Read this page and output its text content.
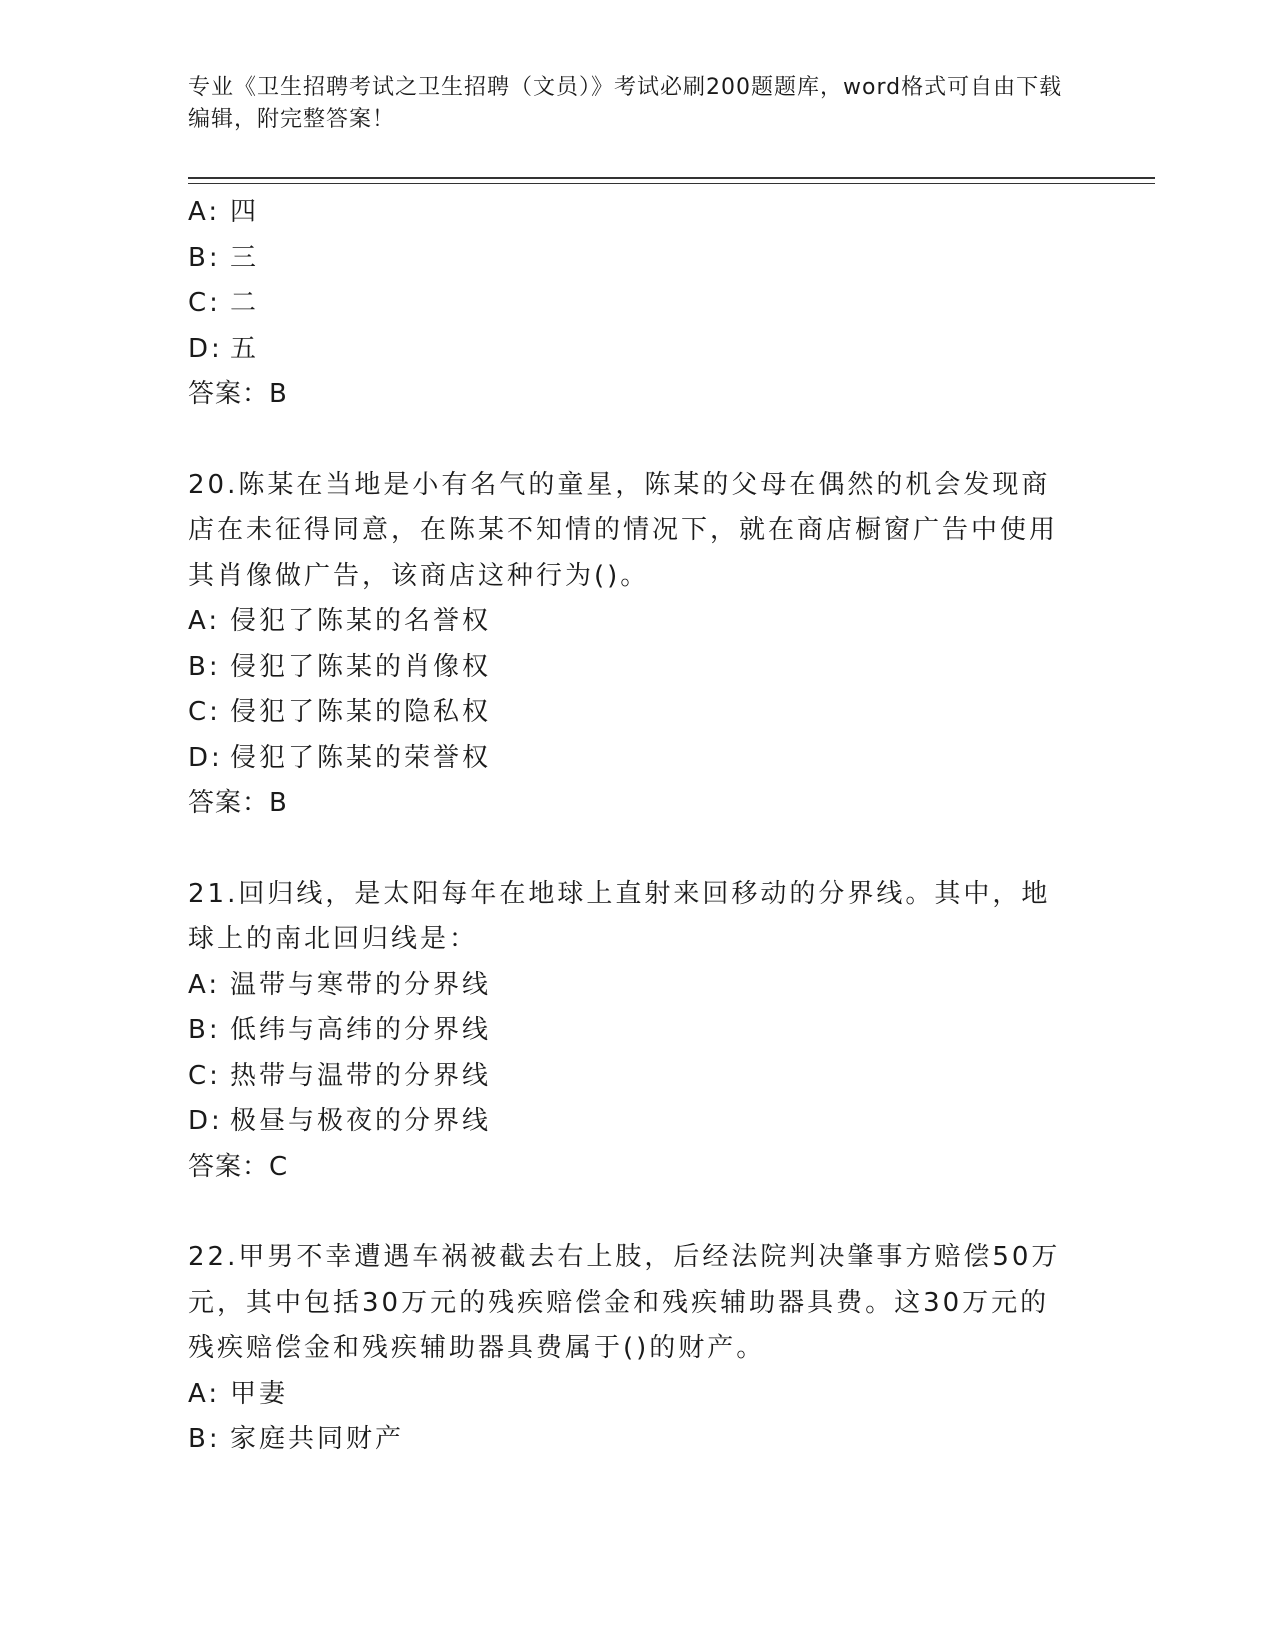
专业《卫生招聘考试之卫生招聘（文员）》考试必刷200题题库，word格式可自由下载编辑，附完整答案！
A: 四
B: 三
C: 二
D: 五
答案：B
20.陈某在当地是小有名气的童星，陈某的父母在偶然的机会发现商店在未征得同意，在陈某不知情的情况下，就在商店橱窗广告中使用其肖像做广告，该商店这种行为()。
A: 侵犯了陈某的名誉权
B: 侵犯了陈某的肖像权
C: 侵犯了陈某的隐私权
D: 侵犯了陈某的荣誉权
答案：B
21.回归线，是太阳每年在地球上直射来回移动的分界线。其中，地球上的南北回归线是：
A: 温带与寒带的分界线
B: 低纬与高纬的分界线
C: 热带与温带的分界线
D: 极昼与极夜的分界线
答案：C
22.甲男不幸遭遇车祸被截去右上肢，后经法院判决肇事方赔偿50万元，其中包括30万元的残疾赔偿金和残疾辅助器具费。这30万元的残疾赔偿金和残疾辅助器具费属于()的财产。
A: 甲妻
B: 家庭共同财产
